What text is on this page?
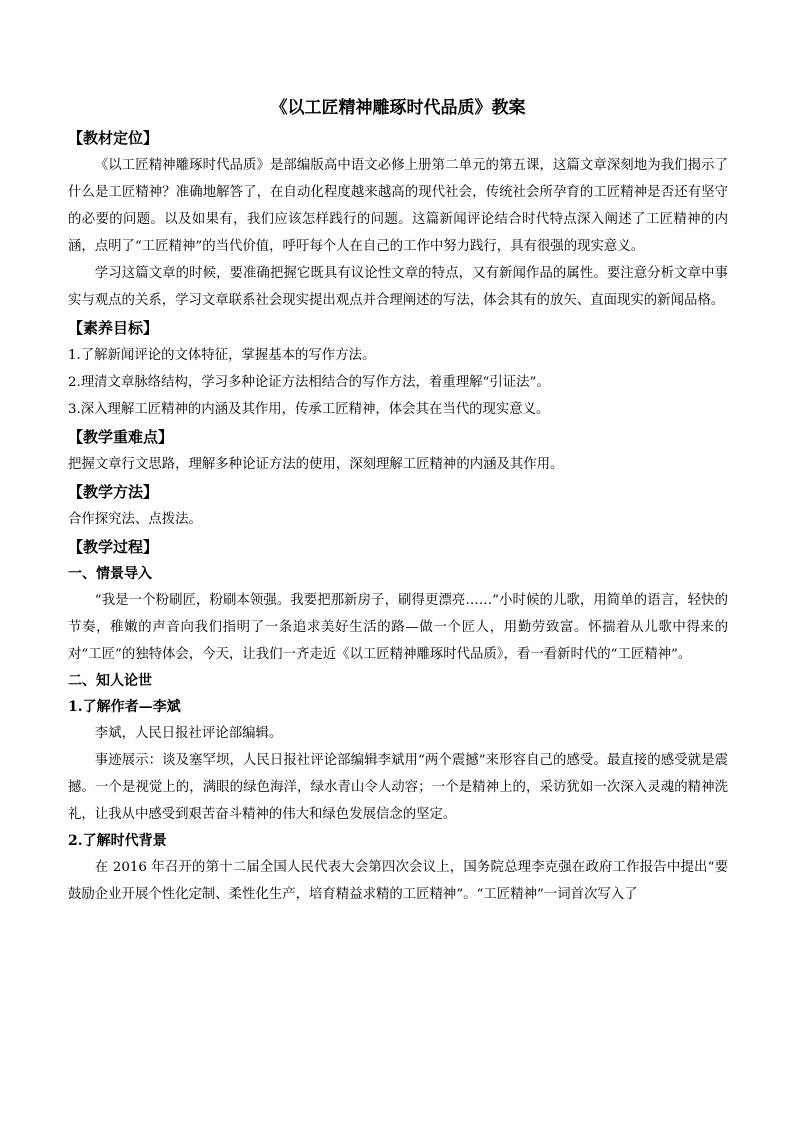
《以工匠精神雕琢时代品质》教案
【教材定位】

《以工匠精神雕琢时代品质》是部编版高中语文必修上册第二单元的第五课，这篇文章深刻地为我们揭示了什么是工匠精神？准确地解答了，在自动化程度越来越高的现代社会，传统社会所孕育的工匠精神是否还有坚守的必要的问题。以及如果有，我们应该怎样践行的问题。这篇新闻评论结合时代特点深入阐述了工匠精神的内涵，点明了“工匠精神”的当代价值，呼吁每个人在自己的工作中努力践行，具有很强的现实意义。

学习这篇文章的时候，要准确把握它既具有议论性文章的特点，又有新闻作品的属性。要注意分析文章中事实与观点的关系，学习文章联系社会现实提出观点并合理阐述的写法，体会其有的放矢、直面现实的新闻品格。

【素养目标】

1.了解新闻评论的文体特征，掌握基本的写作方法。

2.理清文章脉络结构，学习多种论证方法相结合的写作方法，着重理解“引证法”。

3.深入理解工匠精神的内涵及其作用，传承工匠精神，体会其在当代的现实意义。

【教学重难点】

把握文章行文思路，理解多种论证方法的使用，深刻理解工匠精神的内涵及其作用。

【教学方法】

合作探究法、点拨法。

【教学过程】
一、情景导入

“我是一个粉刷匠，粉刷本领强。我要把那新房子，刷得更漂亮……”小时候的儿歌，用简单的语言，轻快的节奏，稚嫩的声音向我们指明了一条追求美好生活的路—做一个匠人，用勤劳致富。怀揣着从儿歌中得来的对“工匠”的独特体会，今天，让我们一齐走近《以工匠精神雕琢时代品质》，看一看新时代的“工匠精神”。

二、知人论世
1.了解作者—李斌

李斌，人民日报社评论部编辑。

事迹展示：谈及塞罕坝，人民日报社评论部编辑李斌用“两个震撼”来形容自己的感受。最直接的感受就是震撼。一个是视觉上的，满眼的绿色海洋，绿水青山令人动容；一个是精神上的，采访犹如一次深入灵魂的精神洗礼，让我从中感受到艰苦奋斗精神的伟大和绿色发展信念的坚定。

2.了解时代背景

在 2016 年召开的第十二届全国人民代表大会第四次会议上，国务院总理李克强在政府工作报告中提出“要鼓励企业开展个性化定制、柔性化生产，培育精益求精的工匠精神”。“工匠精神”一词首次写入了
